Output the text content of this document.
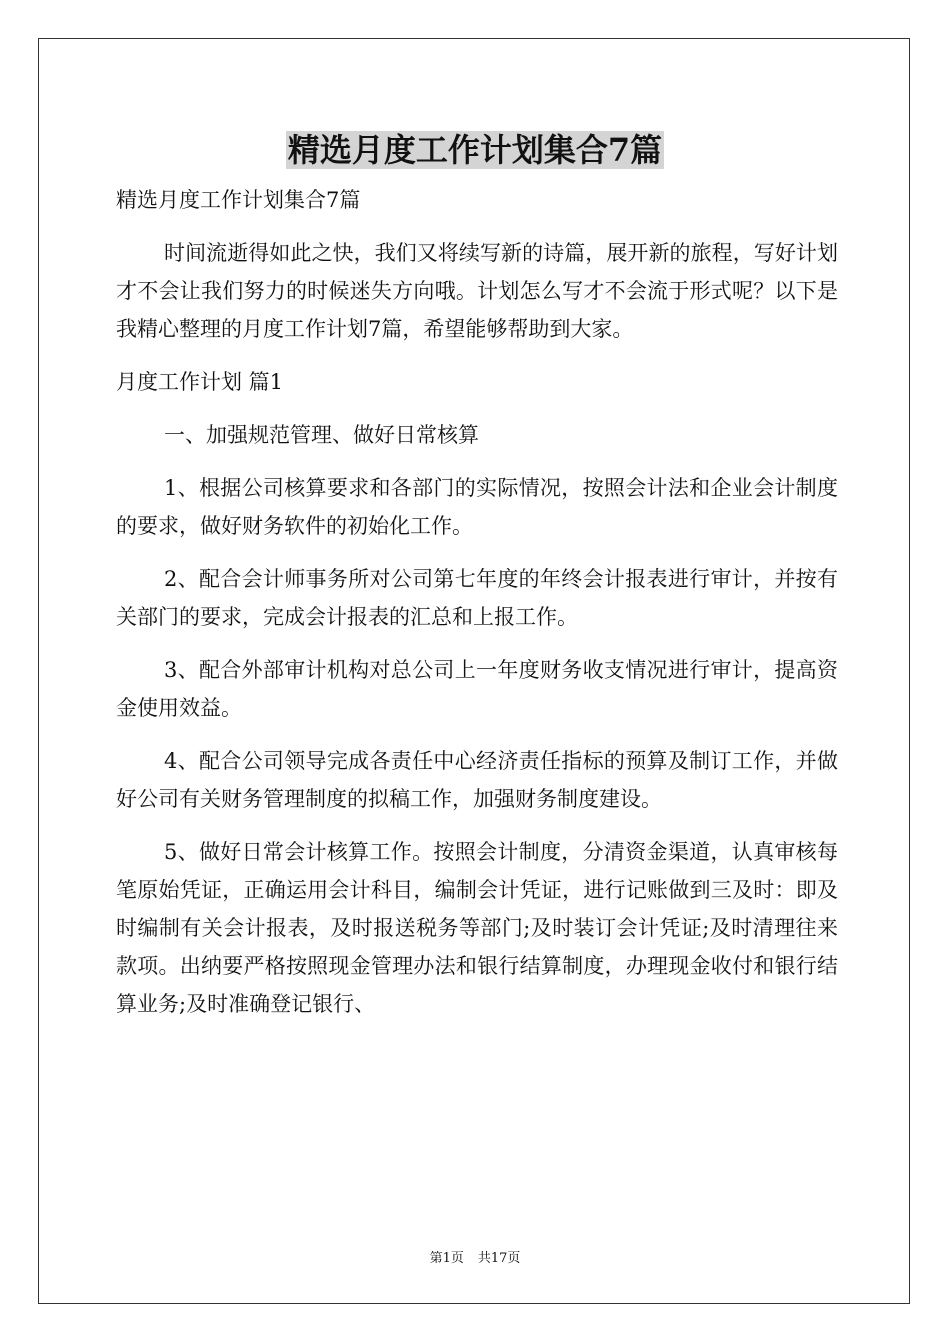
精选月度工作计划集合7篇

精选月度工作计划集合7篇

时间流逝得如此之快，我们又将续写新的诗篇，展开新的旅程，写好计划才不会让我们努力的时候迷失方向哦。计划怎么写才不会流于形式呢？以下是我精心整理的月度工作计划7篇，希望能够帮助到大家。

月度工作计划 篇1

一、加强规范管理、做好日常核算

1、根据公司核算要求和各部门的实际情况，按照会计法和企业会计制度的要求，做好财务软件的初始化工作。

2、配合会计师事务所对公司第七年度的年终会计报表进行审计，并按有关部门的要求，完成会计报表的汇总和上报工作。

3、配合外部审计机构对总公司上一年度财务收支情况进行审计，提高资金使用效益。

4、配合公司领导完成各责任中心经济责任指标的预算及制订工作，并做好公司有关财务管理制度的拟稿工作，加强财务制度建设。

5、做好日常会计核算工作。按照会计制度，分清资金渠道，认真审核每笔原始凭证，正确运用会计科目，编制会计凭证，进行记账做到三及时：即及时编制有关会计报表，及时报送税务等部门;及时装订会计凭证;及时清理往来款项。出纳要严格按照现金管理办法和银行结算制度，办理现金收付和银行结算业务;及时准确登记银行、

第1页 共17页
